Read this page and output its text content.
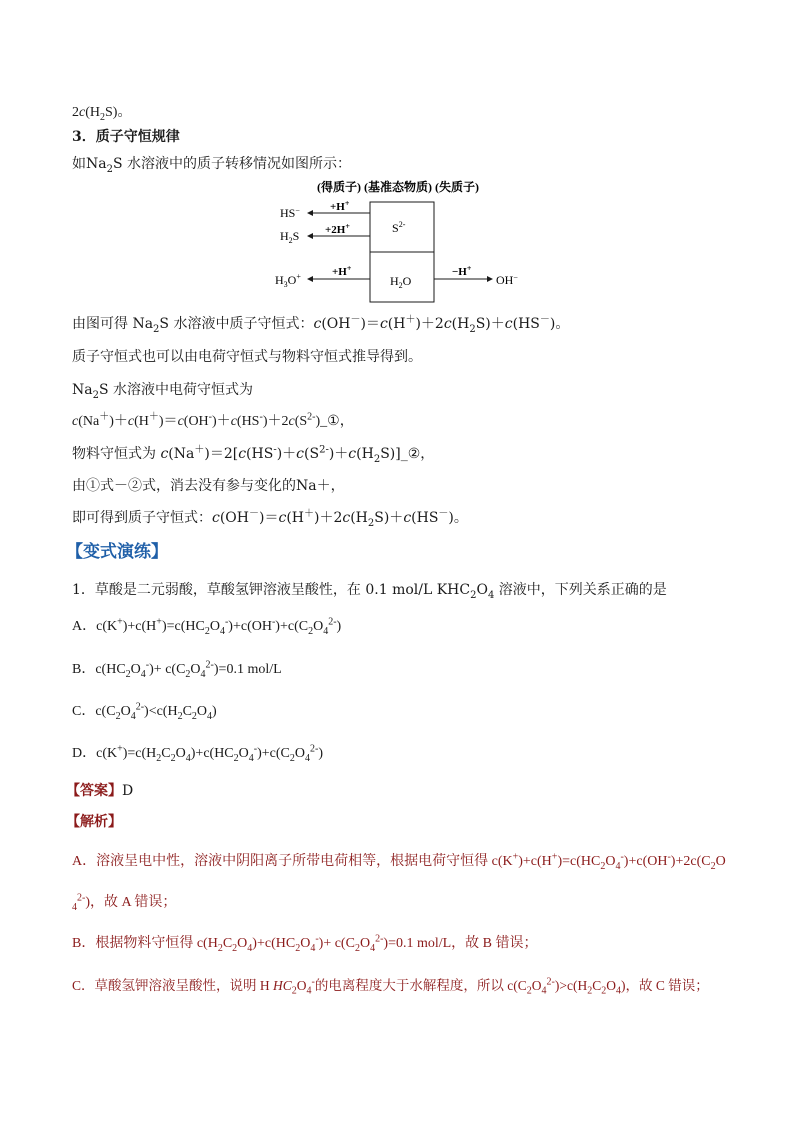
$2c(H_2S)$。
3．质子守恒规律
如$Na_2S$ 水溶液中的质子转移情况如图所示：
(得质子) (基准态物质) (失质子)
$S^{2-}$
$H_2O$
+H+
HS−
+2H+
$H_2S$
+H+
$H_3O^+$	−H+
OH−
由图可得 $Na_2S$ 水溶液中质子守恒式：$c(OH^-)=c(H^+)+2c(H_2S)+c(HS^-)$。
质子守恒式也可以由电荷守恒式与物料守恒式推导得到。
$Na_2S$ 水溶液中电荷守恒式为
$c(Na^+)+c(H^+)=c(OH^-)+c(HS^-)+2c(S^{2-})\_①$，
物料守恒式为 $c(Na^+)=2[c(HS^-)+c(S^{2-})+c(H_2S)]\_②$，
由①式－②式，消去没有参与变化的Na＋，
即可得到质子守恒式：$c(OH^-)=c(H^+)+2c(H_2S)+c(HS^-)$。
【变式演练】
1．草酸是二元弱酸，草酸氢钾溶液呈酸性，在 0.1 mol/L $KHC_2O_4$ 溶液中，下列关系正确的是
A．$c(K^+)+c(H^+)=c(HC_2O_4^-)+c(OH^-)+c(C_2O_4^{2-})$
B．$c(HC_2O_4^-)+ c(C_2O_4^{2-})=0.1$ mol/L
C．$c(C_2O_4^{2-})<c(H_2C_2O_4)$
D．$c(K^+)=c(H_2C_2O_4)+c(HC_2O_4^-)+c(C_2O_4^{2-})$
【答案】D
【解析】
A．溶液呈电中性，溶液中阴阳离子所带电荷相等，根据电荷守恒得 $c(K^+)+c(H^+)=c(HC_2O_4^-)+c(OH^-)+2c(C_2O$
$_4^{2-}$)，故 A 错误；
B．根据物料守恒得 $c(H_2C_2O_4)+c(HC_2O_4^-)+ c(C_2O_4^{2-})=0.1$ mol/L，故 B 错误；
C．草酸氢钾溶液呈酸性，说明 H $HC_2O_4^-$的电离程度大于水解程度，所以 $c(C_2O_4^{2-})>c(H_2C_2O_4)$，故 C 错误；
